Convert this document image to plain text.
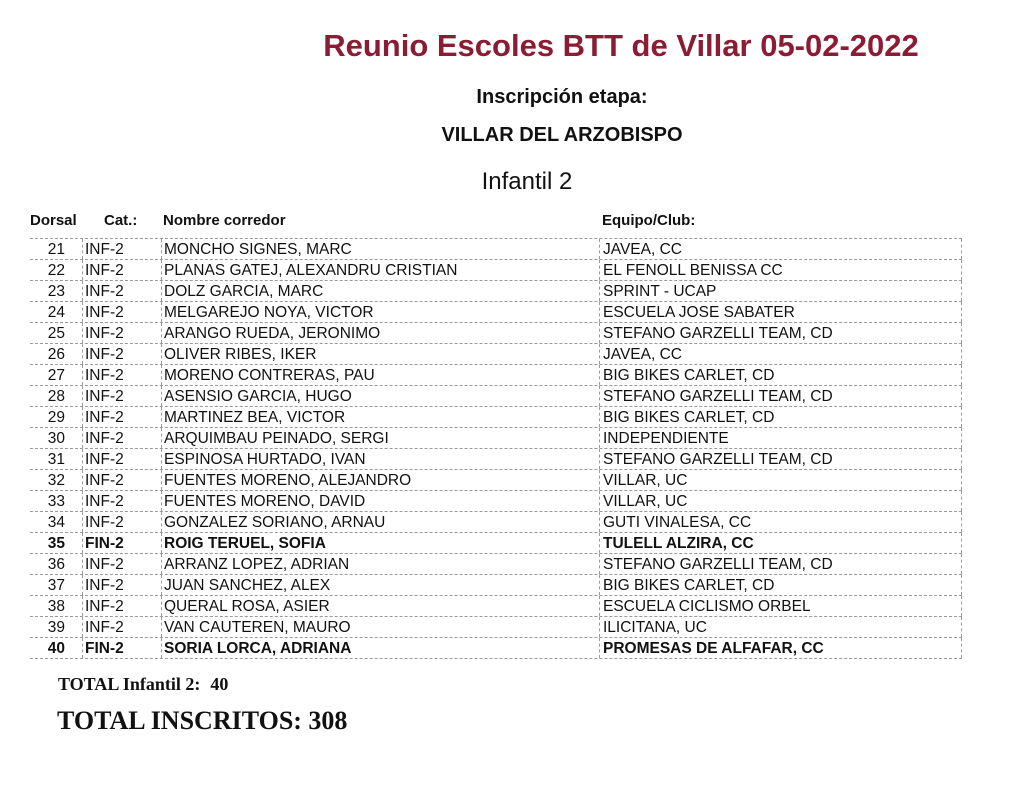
Reunio Escoles BTT de Villar 05-02-2022
Inscripción etapa:
VILLAR DEL ARZOBISPO
Infantil 2
Dorsal Cat.: Nombre corredor	Equipo/Club:
21 INF-2	MONCHO SIGNES, MARC	JAVEA, CC
22 INF-2	PLANAS GATEJ, ALEXANDRU CRISTIAN	EL FENOLL BENISSA CC
23 INF-2	DOLZ GARCIA, MARC	SPRINT - UCAP
24 INF-2	MELGAREJO NOYA, VICTOR	ESCUELA JOSE SABATER
25 INF-2	ARANGO RUEDA, JERONIMO	STEFANO GARZELLI TEAM, CD
26 INF-2	OLIVER RIBES, IKER	JAVEA, CC
27 INF-2	MORENO CONTRERAS, PAU	BIG BIKES CARLET, CD
28 INF-2	ASENSIO GARCIA, HUGO	STEFANO GARZELLI TEAM, CD
29 INF-2	MARTINEZ BEA, VICTOR	BIG BIKES CARLET, CD
30 INF-2	ARQUIMBAU PEINADO, SERGI	INDEPENDIENTE
31 INF-2	ESPINOSA HURTADO, IVAN	STEFANO GARZELLI TEAM, CD
32 INF-2	FUENTES MORENO, ALEJANDRO	VILLAR, UC
33 INF-2	FUENTES MORENO, DAVID	VILLAR, UC
34 INF-2	GONZALEZ SORIANO, ARNAU	GUTI VINALESA, CC
35 FIN-2	ROIG TERUEL, SOFIA	TULELL ALZIRA, CC
36 INF-2	ARRANZ LOPEZ, ADRIAN	STEFANO GARZELLI TEAM, CD
37 INF-2	JUAN SANCHEZ, ALEX	BIG BIKES CARLET, CD
38 INF-2	QUERAL ROSA, ASIER	ESCUELA CICLISMO ORBEL
39 INF-2	VAN CAUTEREN, MAURO	ILICITANA, UC
40 FIN-2	SORIA LORCA, ADRIANA	PROMESAS DE ALFAFAR, CC
TOTAL Infantil 2: 40
TOTAL INSCRITOS: 308
